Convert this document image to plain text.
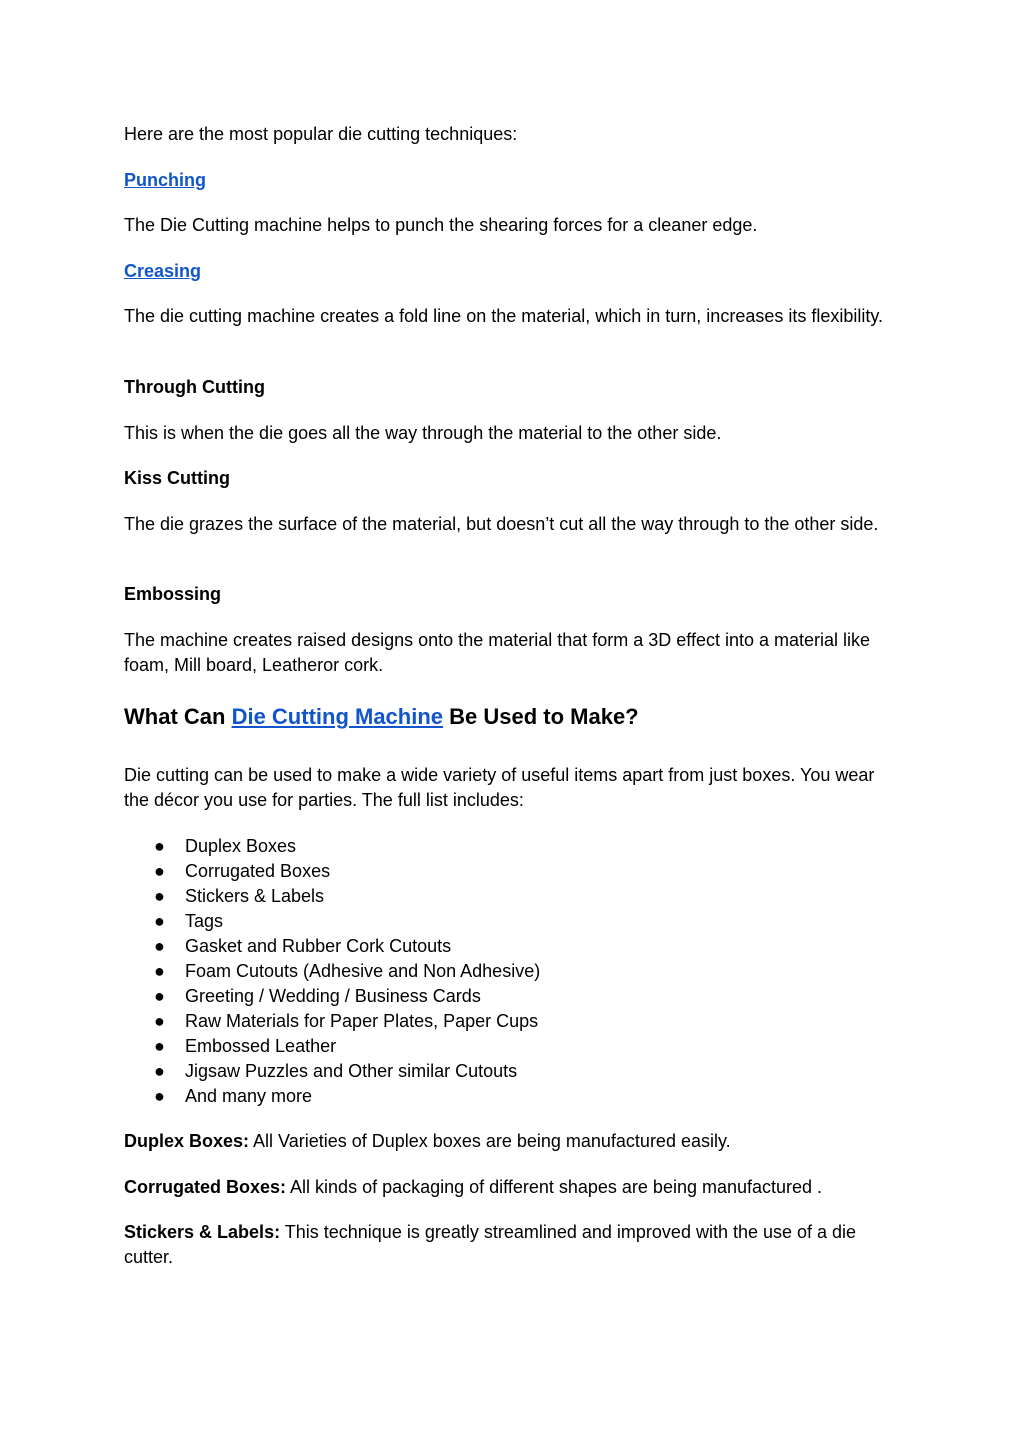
Here are the most popular die cutting techniques:

Punching

The Die Cutting machine helps to punch the shearing forces for a cleaner edge.

Creasing

The die cutting machine creates a fold line on the material, which in turn, increases its flexibility.

Through Cutting

This is when the die goes all the way through the material to the other side.

Kiss Cutting

The die grazes the surface of the material, but doesn’t cut all the way through to the other side.

Embossing

The machine creates raised designs onto the material that form a 3D effect into a material like foam, Mill board, Leatheror cork.

What Can Die Cutting Machine Be Used to Make?

Die cutting can be used to make a wide variety of useful items apart from just boxes. You wear the décor you use for parties. The full list includes:

● Duplex Boxes
● Corrugated Boxes
● Stickers & Labels
● Tags
● Gasket and Rubber Cork Cutouts
● Foam Cutouts (Adhesive and Non Adhesive)
● Greeting / Wedding / Business Cards
● Raw Materials for Paper Plates, Paper Cups
● Embossed Leather
● Jigsaw Puzzles and Other similar Cutouts
● And many more

Duplex Boxes: All Varieties of Duplex boxes are being manufactured easily.

Corrugated Boxes: All kinds of packaging of different shapes are being manufactured .

Stickers & Labels: This technique is greatly streamlined and improved with the use of a die cutter.
